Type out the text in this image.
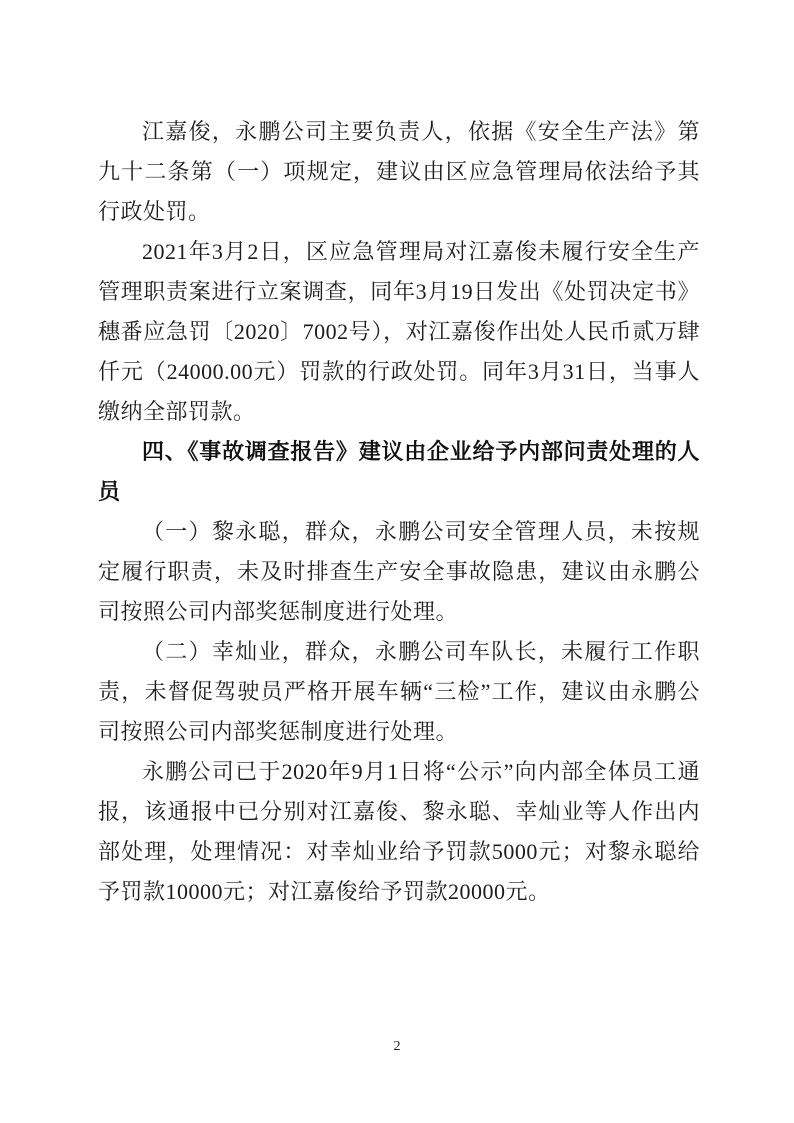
江嘉俊，永鹏公司主要负责人，依据《安全生产法》第九十二条第（一）项规定，建议由区应急管理局依法给予其行政处罚。

2021年3月2日，区应急管理局对江嘉俊未履行安全生产管理职责案进行立案调查，同年3月19日发出《处罚决定书》穗番应急罚〔2020〕7002号），对江嘉俊作出处人民币贰万肆仟元（24000.00元）罚款的行政处罚。同年3月31日，当事人缴纳全部罚款。

四、《事故调查报告》建议由企业给予内部问责处理的人员

（一）黎永聪，群众，永鹏公司安全管理人员，未按规定履行职责，未及时排查生产安全事故隐患，建议由永鹏公司按照公司内部奖惩制度进行处理。

（二）幸灿业，群众，永鹏公司车队长，未履行工作职责，未督促驾驶员严格开展车辆“三检”工作，建议由永鹏公司按照公司内部奖惩制度进行处理。

永鹏公司已于2020年9月1日将“公示”向内部全体员工通报，该通报中已分别对江嘉俊、黎永聪、幸灿业等人作出内部处理，处理情况：对幸灿业给予罚款5000元；对黎永聪给予罚款10000元；对江嘉俊给予罚款20000元。

2
